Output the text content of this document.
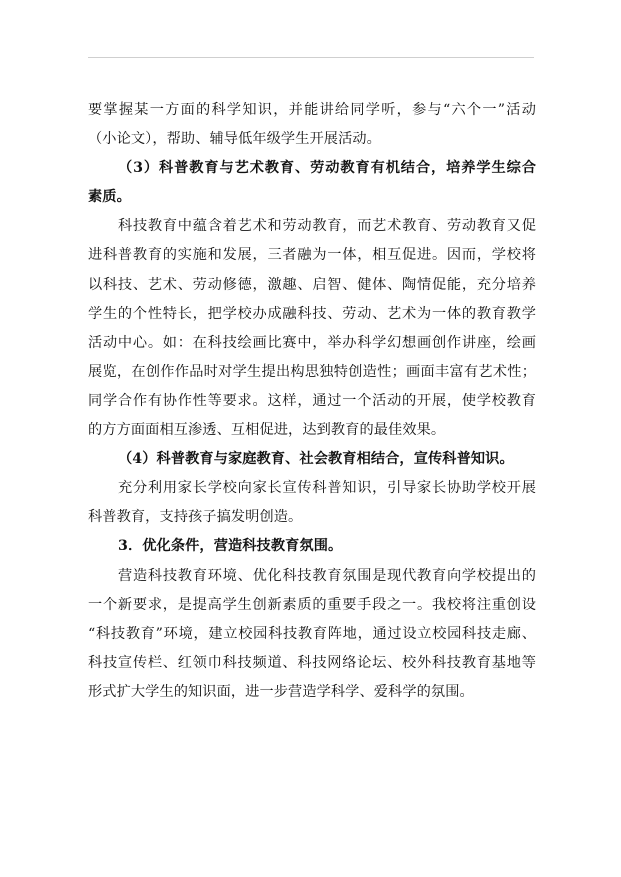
要掌握某一方面的科学知识，并能讲给同学听，参与“六个一”活动
（小论文），帮助、辅导低年级学生开展活动。
（3）科普教育与艺术教育、劳动教育有机结合，培养学生综合
素质。
科技教育中蕴含着艺术和劳动教育，而艺术教育、劳动教育又促
进科普教育的实施和发展，三者融为一体，相互促进。因而，学校将
以科技、艺术、劳动修德，激趣、启智、健体、陶情促能，充分培养
学生的个性特长，把学校办成融科技、劳动、艺术为一体的教育教学
活动中心。如：在科技绘画比赛中，举办科学幻想画创作讲座，绘画
展览，在创作作品时对学生提出构思独特创造性；画面丰富有艺术性；
同学合作有协作性等要求。这样，通过一个活动的开展，使学校教育
的方方面面相互渗透、互相促进，达到教育的最佳效果。
（4）科普教育与家庭教育、社会教育相结合，宣传科普知识。
充分利用家长学校向家长宣传科普知识，引导家长协助学校开展
科普教育，支持孩子搞发明创造。
3．优化条件，营造科技教育氛围。
营造科技教育环境、优化科技教育氛围是现代教育向学校提出的
一个新要求，是提高学生创新素质的重要手段之一。我校将注重创设
“科技教育”环境，建立校园科技教育阵地，通过设立校园科技走廊、
科技宣传栏、红领巾科技频道、科技网络论坛、校外科技教育基地等
形式扩大学生的知识面，进一步营造学科学、爱科学的氛围。
